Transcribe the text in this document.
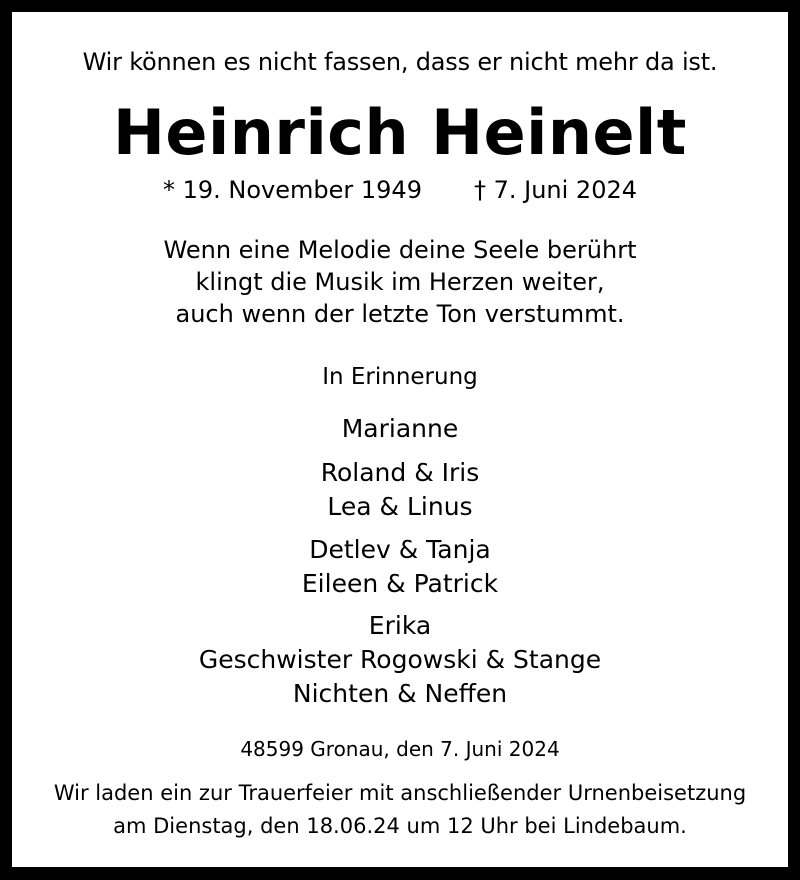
Wir können es nicht fassen, dass er nicht mehr da ist.
Heinrich Heinelt
* 19. November 1949 † 7. Juni 2024
Wenn eine Melodie deine Seele berührt
klingt die Musik im Herzen weiter,
auch wenn der letzte Ton verstummt.
In Erinnerung
Marianne
Roland & Iris
Lea & Linus
Detlev & Tanja
Eileen & Patrick
Erika
Geschwister Rogowski & Stange
Nichten & Neffen
48599 Gronau, den 7. Juni 2024
Wir laden ein zur Trauerfeier mit anschließender Urnenbeisetzung
am Dienstag, den 18.06.24 um 12 Uhr bei Lindebaum.
